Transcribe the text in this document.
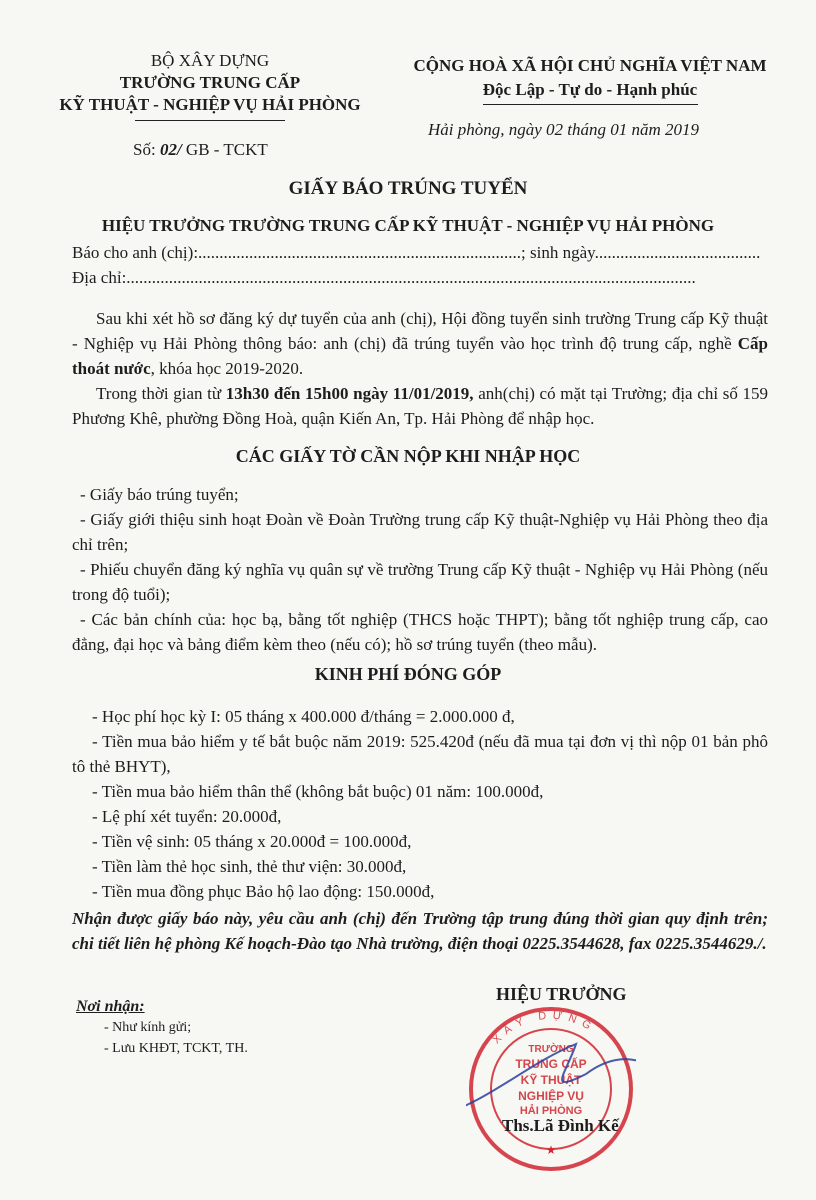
BỘ XÂY DỰNG
TRƯỜNG TRUNG CẤP
KỸ THUẬT - NGHIỆP VỤ HẢI PHÒNG
Số: 02/ GB - TCKT
CỘNG HOÀ XÃ HỘI CHỦ NGHĨA VIỆT NAM
Độc Lập - Tự do - Hạnh phúc
Hải phòng, ngày 02 tháng 01 năm 2019
GIẤY BÁO TRÚNG TUYỂN
HIỆU TRƯỞNG TRƯỜNG TRUNG CẤP KỸ THUẬT - NGHIỆP VỤ HẢI PHÒNG
Báo cho anh (chị):............................................................................; sinh ngày.......................................
Địa chỉ:......................................................................................................................................
Sau khi xét hồ sơ đăng ký dự tuyển của anh (chị), Hội đồng tuyển sinh trường Trung cấp Kỹ thuật - Nghiệp vụ Hải Phòng thông báo: anh (chị) đã trúng tuyển vào học trình độ trung cấp, nghề Cấp thoát nước, khóa học 2019-2020.
Trong thời gian từ 13h30 đến 15h00 ngày 11/01/2019, anh(chị) có mặt tại Trường; địa chỉ số 159 Phương Khê, phường Đồng Hoà, quận Kiến An, Tp. Hải Phòng để nhập học.
CÁC GIẤY TỜ CẦN NỘP KHI NHẬP HỌC

- Giấy báo trúng tuyển;

- Giấy giới thiệu sinh hoạt Đoàn về Đoàn Trường trung cấp Kỹ thuật-Nghiệp vụ Hải Phòng theo địa chỉ trên;

- Phiếu chuyển đăng ký nghĩa vụ quân sự về trường Trung cấp Kỹ thuật - Nghiệp vụ Hải Phòng (nếu trong độ tuổi);

- Các bản chính của: học bạ, bằng tốt nghiệp (THCS hoặc THPT); bằng tốt nghiệp trung cấp, cao đẳng, đại học và bảng điểm kèm theo (nếu có); hồ sơ trúng tuyển (theo mẫu).

KINH PHÍ ĐÓNG GÓP

- Học phí học kỳ I: 05 tháng x 400.000 đ/tháng = 2.000.000 đ,

- Tiền mua bảo hiểm y tế bắt buộc năm 2019: 525.420đ (nếu đã mua tại đơn vị thì nộp 01 bản phô tô thẻ BHYT),

- Tiền mua bảo hiểm thân thể (không bắt buộc) 01 năm: 100.000đ,

- Lệ phí xét tuyển: 20.000đ,

- Tiền vệ sinh: 05 tháng x 20.000đ = 100.000đ,

- Tiền làm thẻ học sinh, thẻ thư viện: 30.000đ,

- Tiền mua đồng phục Bảo hộ lao động: 150.000đ,

Nhận được giấy báo này, yêu cầu anh (chị) đến Trường tập trung đúng thời gian quy định trên; chi tiết liên hệ phòng Kế hoạch-Đào tạo Nhà trường, điện thoại 0225.3544628, fax 0225.3544629./.
Nơi nhận:
- Như kính gửi;
- Lưu KHĐT, TCKT, TH.
HIỆU TRƯỞNG
XÂY DỰNG
TRƯỜNG
TRUNG CẤP
KỸ THUẬT
NGHIỆP VỤ
HẢI PHÒNG
★
Ths.Lã Đình Kế
